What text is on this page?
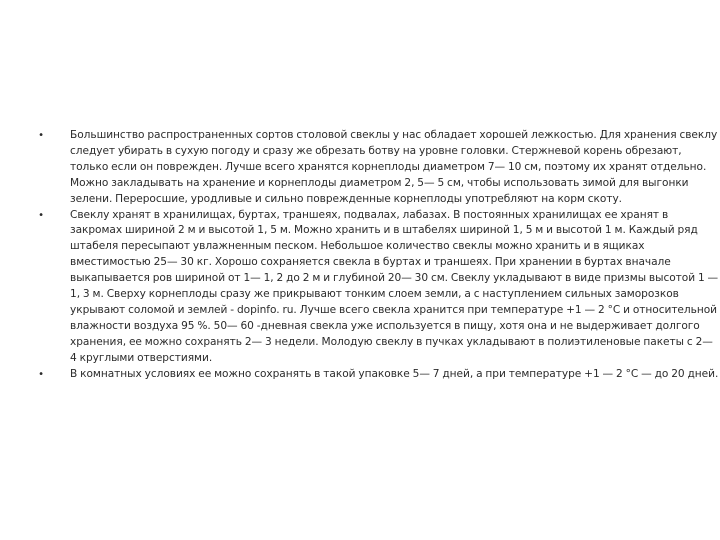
• Большинство распространенных сортов столовой свеклы у нас обладает хорошей лежкостью. Для хранения свеклу следует убирать в сухую погоду и сразу же обрезать ботву на уровне головки. Стержневой корень обрезают, только если он поврежден. Лучше всего хранятся корнеплоды диаметром 7— 10 см, поэтому их хранят отдельно. Можно закладывать на хранение и корнеплоды диаметром 2, 5— 5 см, чтобы использовать зимой для выгонки зелени. Переросшие, уродливые и сильно поврежденные корнеплоды употребляют на корм скоту.
• Свеклу хранят в хранилищах, буртах, траншеях, подвалах, лабазах. В постоянных хранилищах ее хранят в закромах шириной 2 м и высотой 1, 5 м. Можно хранить и в штабелях шириной 1, 5 м и высотой 1 м. Каждый ряд штабеля пересыпают увлажненным песком. Небольшое количество свеклы можно хранить и в ящиках вместимостью 25— 30 кг. Хорошо сохраняется свекла в буртах и траншеях. При хранении в буртах вначале выкапывается ров шириной от 1— 1, 2 до 2 м и глубиной 20— 30 см. Свеклу укладывают в виде призмы высотой 1 — 1, 3 м. Сверху корнеплоды сразу же прикрывают тонким слоем земли, а с наступлением сильных заморозков укрывают соломой и землей - dopinfo. ru. Лучше всего свекла хранится при температуре +1 — 2 °С и относительной влажности воздуха 95 %. 50— 60 -дневная свекла уже используется в пищу, хотя она и не выдерживает долгого хранения, ее можно сохранять 2— 3 недели. Молодую свеклу в пучках укладывают в полиэтиленовые пакеты с 2— 4 круглыми отверстиями.
• В комнатных условиях ее можно сохранять в такой упаковке 5— 7 дней, а при температуре +1 — 2 °С — до 20 дней.
